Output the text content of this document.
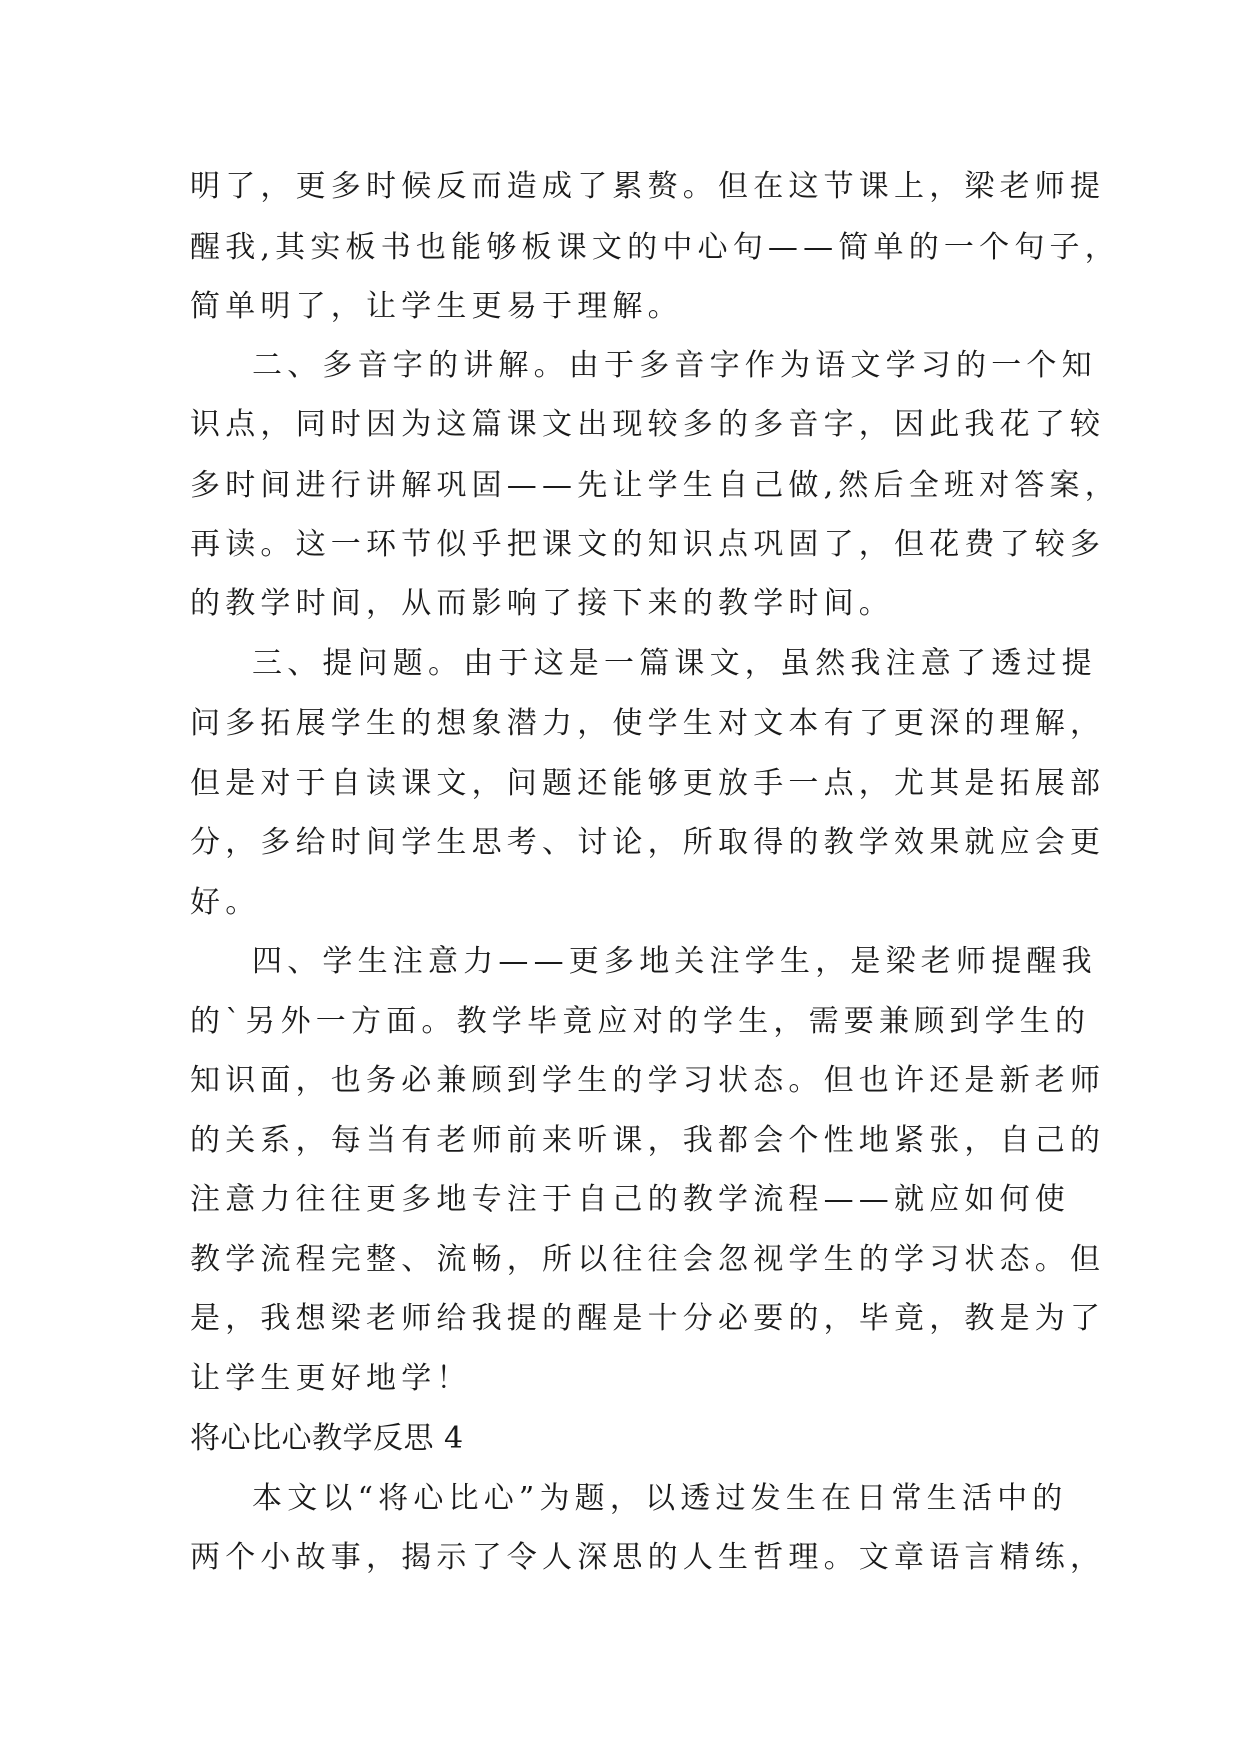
明了，更多时候反而造成了累赘。但在这节课上，梁老师提
醒我,其实板书也能够板课文的中心句——简单的一个句子，
简单明了，让学生更易于理解。
二、多音字的讲解。由于多音字作为语文学习的一个知
识点，同时因为这篇课文出现较多的多音字，因此我花了较
多时间进行讲解巩固——先让学生自己做,然后全班对答案，
再读。这一环节似乎把课文的知识点巩固了，但花费了较多
的教学时间，从而影响了接下来的教学时间。
三、提问题。由于这是一篇课文，虽然我注意了透过提
问多拓展学生的想象潜力，使学生对文本有了更深的理解，
但是对于自读课文，问题还能够更放手一点，尤其是拓展部
分，多给时间学生思考、讨论，所取得的教学效果就应会更
好。
四、学生注意力——更多地关注学生，是梁老师提醒我
的`另外一方面。教学毕竟应对的学生，需要兼顾到学生的
知识面，也务必兼顾到学生的学习状态。但也许还是新老师
的关系，每当有老师前来听课，我都会个性地紧张，自己的
注意力往往更多地专注于自己的教学流程——就应如何使
教学流程完整、流畅，所以往往会忽视学生的学习状态。但
是，我想梁老师给我提的醒是十分必要的，毕竟，教是为了
让学生更好地学！
将心比心教学反思 4
本文以“将心比心”为题，以透过发生在日常生活中的
两个小故事，揭示了令人深思的人生哲理。文章语言精练，
